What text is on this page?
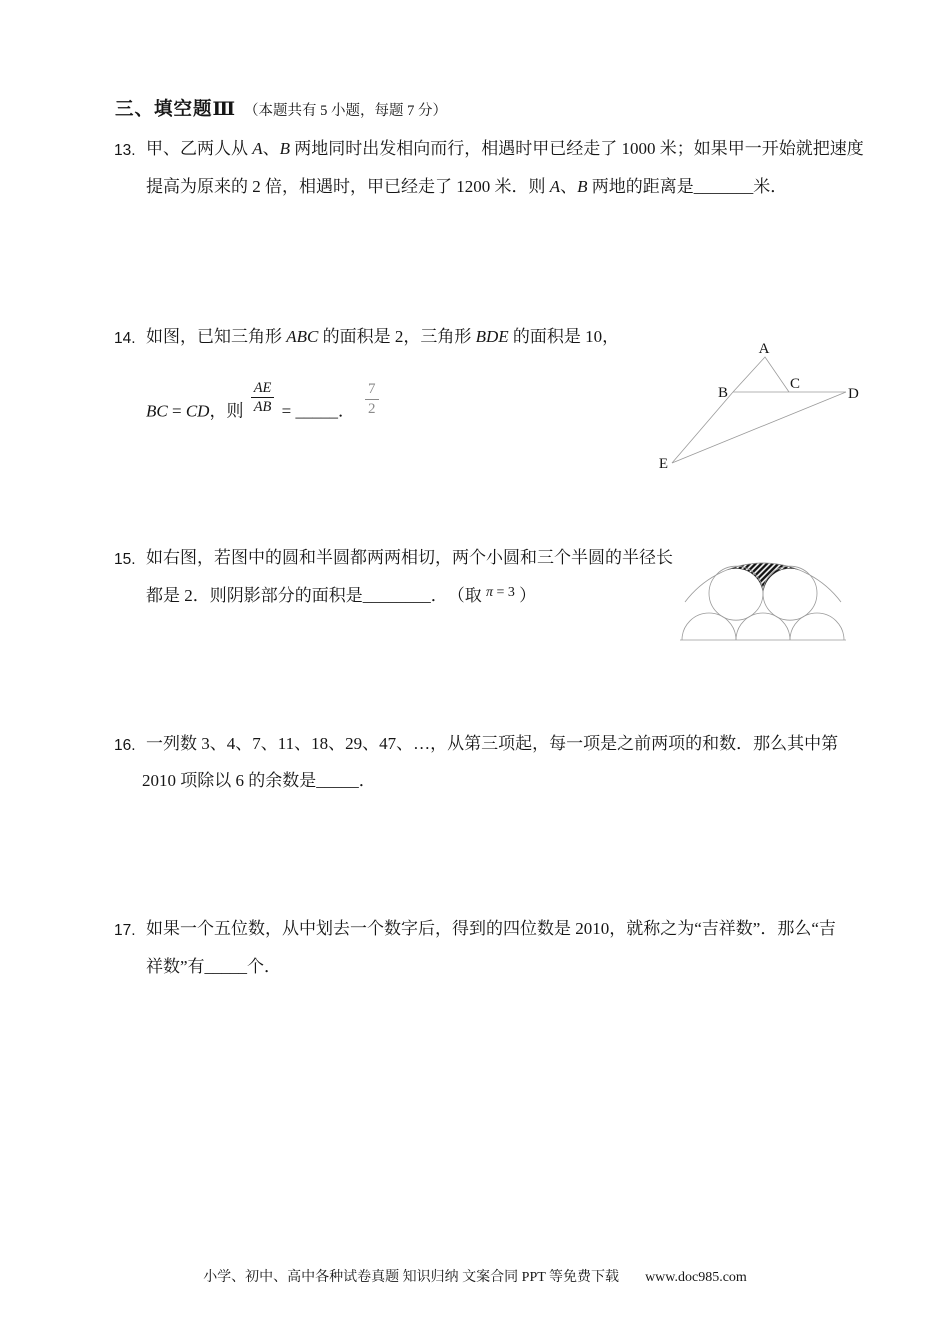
三、填空题Ⅲ （本题共有 5 小题，每题 7 分）
13. 甲、乙两人从 A、B 两地同时出发相向而行，相遇时甲已经走了 1000 米；如果甲一开始就把速度
提高为原来的 2 倍，相遇时，甲已经走了 1200 米．则 A、B 两地的距离是_______米．
14. 如图，已知三角形 ABC 的面积是 2，三角形 BDE 的面积是 10，
BC = CD，则 $\frac{AE}{AB}$ = _____． $\frac{7}{2}$
A
B
C
D
E
15. 如右图，若图中的圆和半圆都两两相切，两个小圆和三个半圆的半径长
都是 2．则阴影部分的面积是________．　（取 $^\pi$ $^{= 3}$ ）
16. 一列数 3、4、7、11、18、29、47、…，从第三项起，每一项是之前两项的和数．那么其中第
2010 项除以 6 的余数是_____．
17. 如果一个五位数，从中划去一个数字后，得到的四位数是 2010，就称之为“吉祥数”．那么“吉
祥数”有_____个．
小学、初中、高中各种试卷真题 知识归纳 文案合同 PPT 等免费下载 www.doc985.com
